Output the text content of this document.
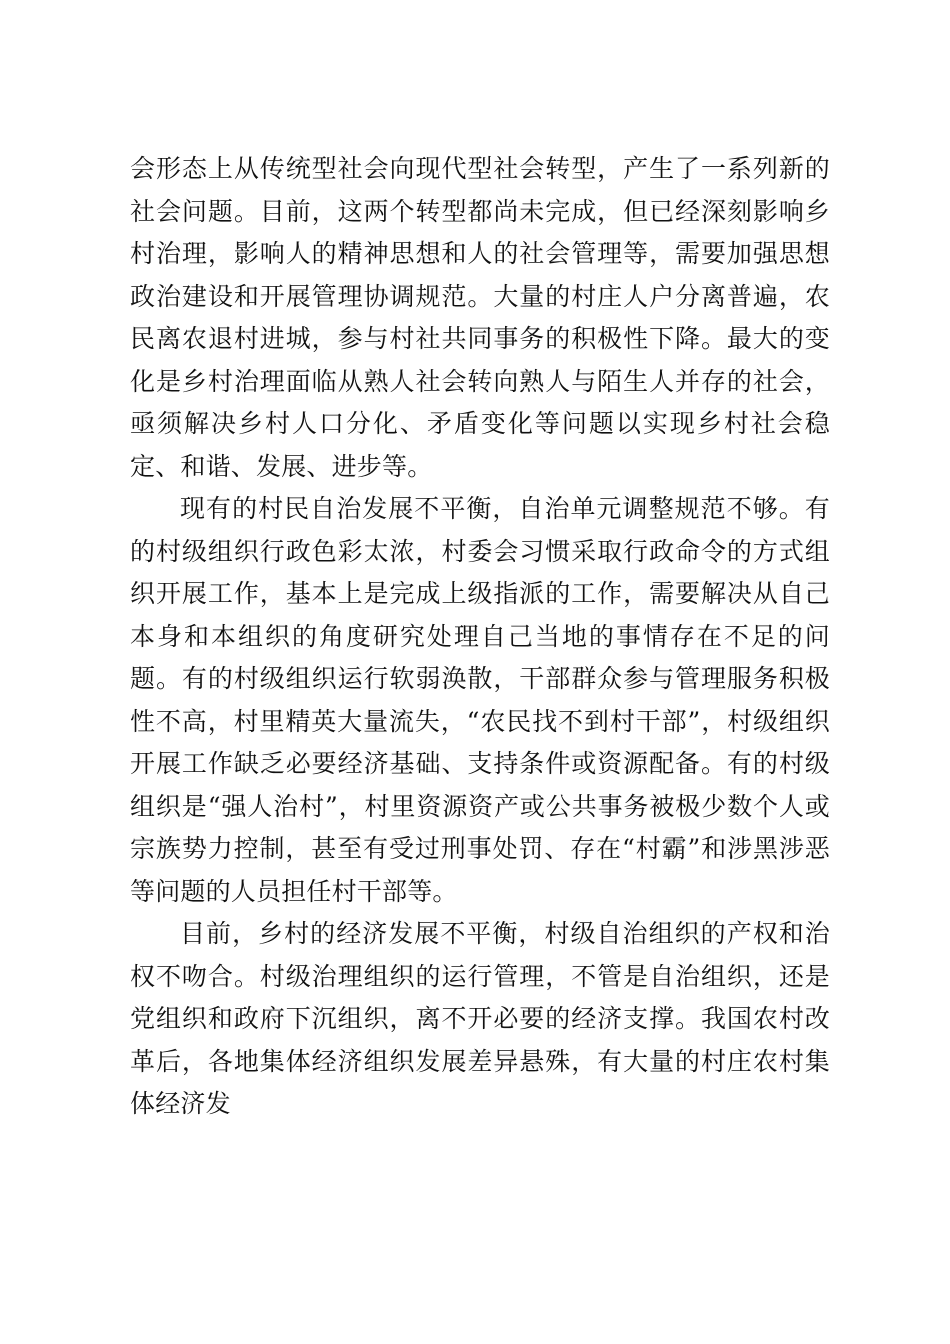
会形态上从传统型社会向现代型社会转型，产生了一系列新的社会问题。目前，这两个转型都尚未完成，但已经深刻影响乡村治理，影响人的精神思想和人的社会管理等，需要加强思想政治建设和开展管理协调规范。大量的村庄人户分离普遍，农民离农退村进城，参与村社共同事务的积极性下降。最大的变化是乡村治理面临从熟人社会转向熟人与陌生人并存的社会，亟须解决乡村人口分化、矛盾变化等问题以实现乡村社会稳定、和谐、发展、进步等。

现有的村民自治发展不平衡，自治单元调整规范不够。有的村级组织行政色彩太浓，村委会习惯采取行政命令的方式组织开展工作，基本上是完成上级指派的工作，需要解决从自己本身和本组织的角度研究处理自己当地的事情存在不足的问题。有的村级组织运行软弱涣散，干部群众参与管理服务积极性不高，村里精英大量流失，“农民找不到村干部”，村级组织开展工作缺乏必要经济基础、支持条件或资源配备。有的村级组织是“强人治村”，村里资源资产或公共事务被极少数个人或宗族势力控制，甚至有受过刑事处罚、存在“村霸”和涉黑涉恶等问题的人员担任村干部等。

目前，乡村的经济发展不平衡，村级自治组织的产权和治权不吻合。村级治理组织的运行管理，不管是自治组织，还是党组织和政府下沉组织，离不开必要的经济支撑。我国农村改革后，各地集体经济组织发展差异悬殊，有大量的村庄农村集体经济发
